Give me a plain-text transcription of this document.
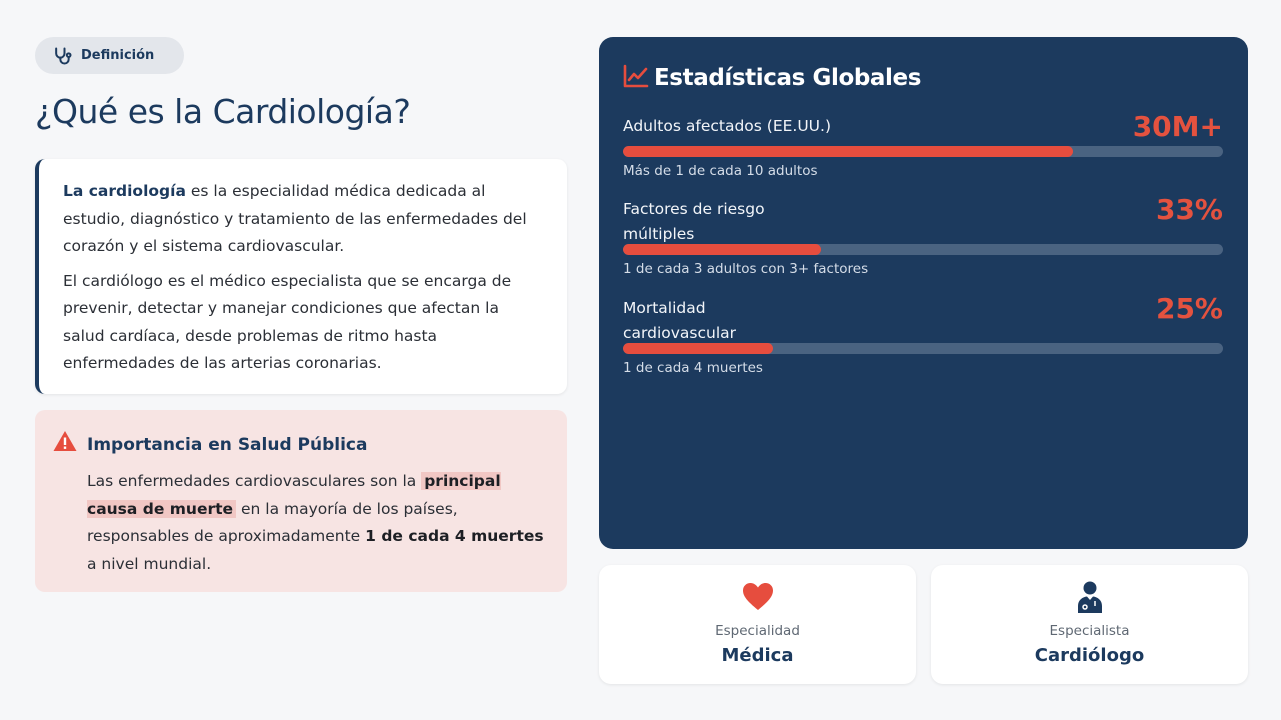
Definición
¿Qué es la Cardiología?

La cardiología es la especialidad médica dedicada al estudio, diagnóstico y tratamiento de las enfermedades del corazón y el sistema cardiovascular.

El cardiólogo es el médico especialista que se encarga de prevenir, detectar y manejar condiciones que afectan la salud cardíaca, desde problemas de ritmo hasta enfermedades de las arterias coronarias.

Importancia en Salud Pública
Las enfermedades cardiovasculares son la principal causa de muerte en la mayoría de los países, responsables de aproximadamente 1 de cada 4 muertes a nivel mundial.
Estadísticas Globales
Adultos afectados (EE.UU.)	30M+
Más de 1 de cada 10 adultos
Factores de riesgo múltiples
33%
1 de cada 3 adultos con 3+ factores
Mortalidad cardiovascular
25%
1 de cada 4 muertes
Especialidad
Médica
Especialista
Cardiólogo
